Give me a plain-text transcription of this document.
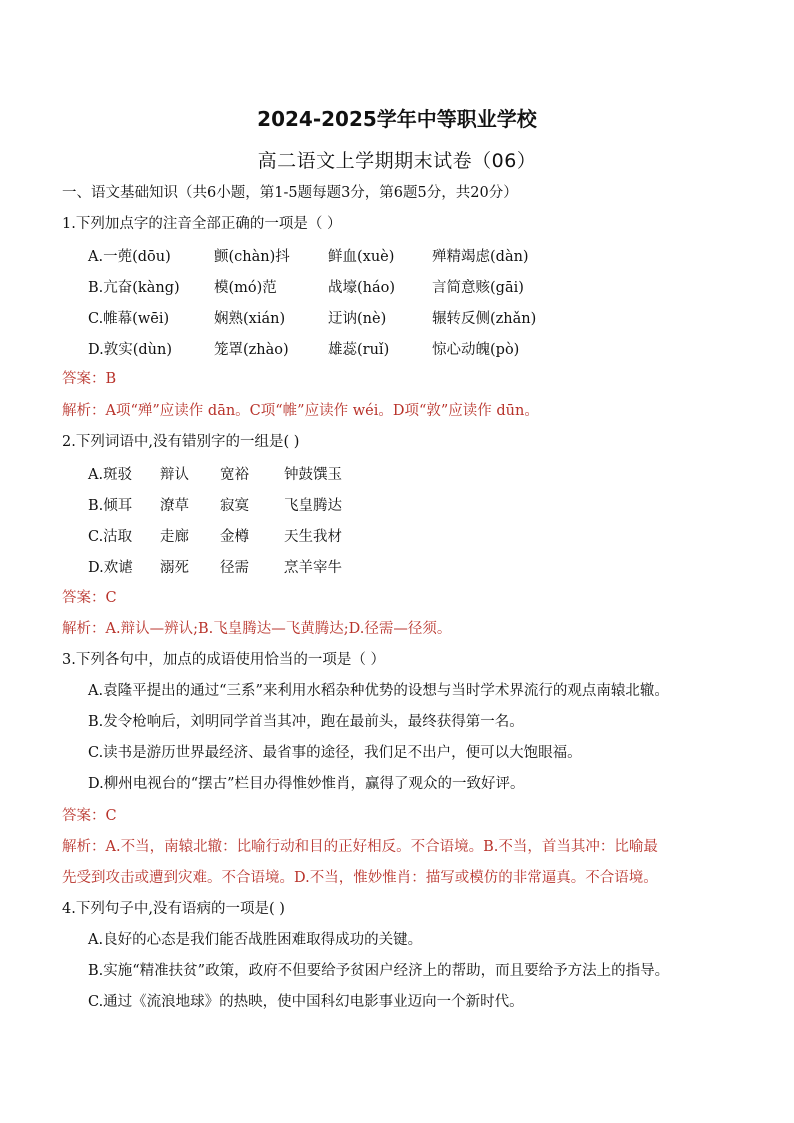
2024-2025学年中等职业学校
高二语文上学期期末试卷（06）
一、语文基础知识（共6小题，第1-5题每题3分，第6题5分，共20分）
1.下列加点字的注音全部正确的一项是（ ）
A.一蔸(dōu)	颤(chàn)抖	鲜血(xuè)	殚精竭虑(dàn)
B.亢奋(kàng) 模(mó)范	战壕(háo)	言简意赅(gāi)
C.帷幕(wēi)	娴熟(xián)	迂讷(nè)	辗转反侧(zhǎn)
D.敦实(dùn)	笼罩(zhào)	雄蕊(ruǐ)	惊心动魄(pò)
答案：B
解析：A项“殚”应读作 dān。C项“帷”应读作 wéi。D项“敦”应读作 dūn。
2.下列词语中,没有错别字的一组是( )
A.斑驳 辩认 宽裕 钟鼓馔玉
B.倾耳 潦草 寂寞 飞皇腾达
C.沽取 走廊 金樽 天生我材
D.欢谑 溺死 径需 烹羊宰牛
答案：C
解析：A.辩认—辨认;B.飞皇腾达—飞黄腾达;D.径需—径须。
3.下列各句中，加点的成语使用恰当的一项是（ ）
A.袁隆平提出的通过“三系”来利用水稻杂种优势的设想与当时学术界流行的观点南辕北辙。
B.发令枪响后，刘明同学首当其冲，跑在最前头，最终获得第一名。
C.读书是游历世界最经济、最省事的途径，我们足不出户，便可以大饱眼福。
D.柳州电视台的“摆古”栏目办得惟妙惟肖，赢得了观众的一致好评。
答案：C
解析：A.不当，南辕北辙：比喻行动和目的正好相反。不合语境。B.不当，首当其冲：比喻最
先受到攻击或遭到灾难。不合语境。D.不当，惟妙惟肖：描写或模仿的非常逼真。不合语境。
4.下列句子中,没有语病的一项是( )
A.良好的心态是我们能否战胜困难取得成功的关键。
B.实施“精准扶贫”政策，政府不但要给予贫困户经济上的帮助，而且要给予方法上的指导。
C.通过《流浪地球》的热映，使中国科幻电影事业迈向一个新时代。
